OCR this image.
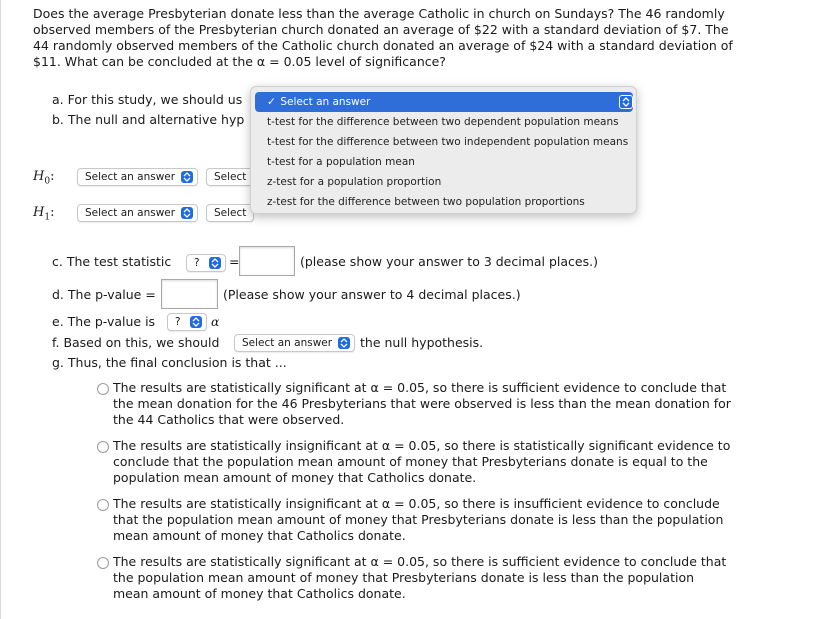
Does the average Presbyterian donate less than the average Catholic in church on Sundays? The 46 randomly observed members of the Presbyterian church donated an average of $22 with a standard deviation of $7. The 44 randomly observed members of the Catholic church donated an average of $24 with a standard deviation of $11. What can be concluded at the α = 0.05 level of significance?
a. For this study, we should us
b. The null and alternative hyp
$H_0$:	Select an answer	Select
$H_1$:	Select an answer	Select
✓ Select an answer
t-test for the difference between two dependent population means
t-test for the difference between two independent population means
t-test for a population mean
z-test for a population proportion
z-test for the difference between two population proportions
c. The test statistic	?	=	(please show your answer to 3 decimal places.)
d. The p-value =	(Please show your answer to 4 decimal places.)
e. The p-value is	?	α
f. Based on this, we should	Select an answer	the null hypothesis.
g. Thus, the final conclusion is that ...
The results are statistically significant at α = 0.05, so there is sufficient evidence to conclude that the mean donation for the 46 Presbyterians that were observed is less than the mean donation for the 44 Catholics that were observed.
The results are statistically insignificant at α = 0.05, so there is statistically significant evidence to conclude that the population mean amount of money that Presbyterians donate is equal to the population mean amount of money that Catholics donate.
The results are statistically insignificant at α = 0.05, so there is insufficient evidence to conclude that the population mean amount of money that Presbyterians donate is less than the population mean amount of money that Catholics donate.
The results are statistically significant at α = 0.05, so there is sufficient evidence to conclude that the population mean amount of money that Presbyterians donate is less than the population mean amount of money that Catholics donate.
